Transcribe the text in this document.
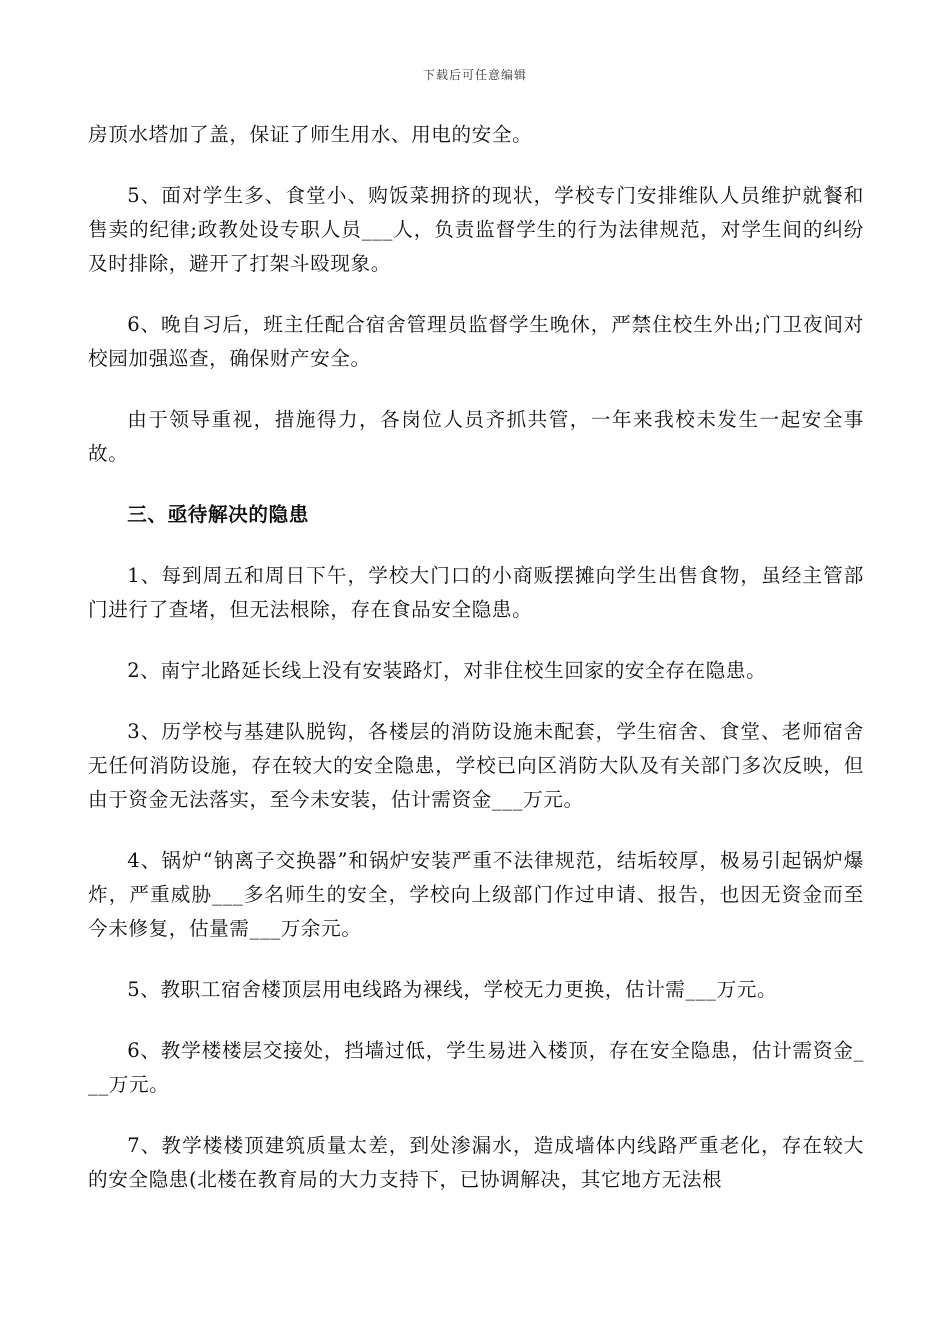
下载后可任意编辑

房顶水塔加了盖，保证了师生用水、用电的安全。

5、面对学生多、食堂小、购饭菜拥挤的现状，学校专门安排维队人员维护就餐和售卖的纪律;政教处设专职人员___人，负责监督学生的行为法律规范，对学生间的纠纷及时排除，避开了打架斗殴现象。

6、晚自习后，班主任配合宿舍管理员监督学生晚休，严禁住校生外出;门卫夜间对校园加强巡查，确保财产安全。

由于领导重视，措施得力，各岗位人员齐抓共管，一年来我校未发生一起安全事故。

三、亟待解决的隐患

1、每到周五和周日下午，学校大门口的小商贩摆摊向学生出售食物，虽经主管部门进行了查堵，但无法根除，存在食品安全隐患。

2、南宁北路延长线上没有安装路灯，对非住校生回家的安全存在隐患。

3、历学校与基建队脱钩，各楼层的消防设施未配套，学生宿舍、食堂、老师宿舍无任何消防设施，存在较大的安全隐患，学校已向区消防大队及有关部门多次反映，但由于资金无法落实，至今未安装，估计需资金___万元。

4、锅炉“钠离子交换器”和锅炉安装严重不法律规范，结垢较厚，极易引起锅炉爆炸，严重威胁___多名师生的安全，学校向上级部门作过申请、报告，也因无资金而至今未修复，估量需___万余元。

5、教职工宿舍楼顶层用电线路为裸线，学校无力更换，估计需___万元。

6、教学楼楼层交接处，挡墙过低，学生易进入楼顶，存在安全隐患，估计需资金___万元。

7、教学楼楼顶建筑质量太差，到处渗漏水，造成墙体内线路严重老化，存在较大的安全隐患(北楼在教育局的大力支持下，已协调解决，其它地方无法根
